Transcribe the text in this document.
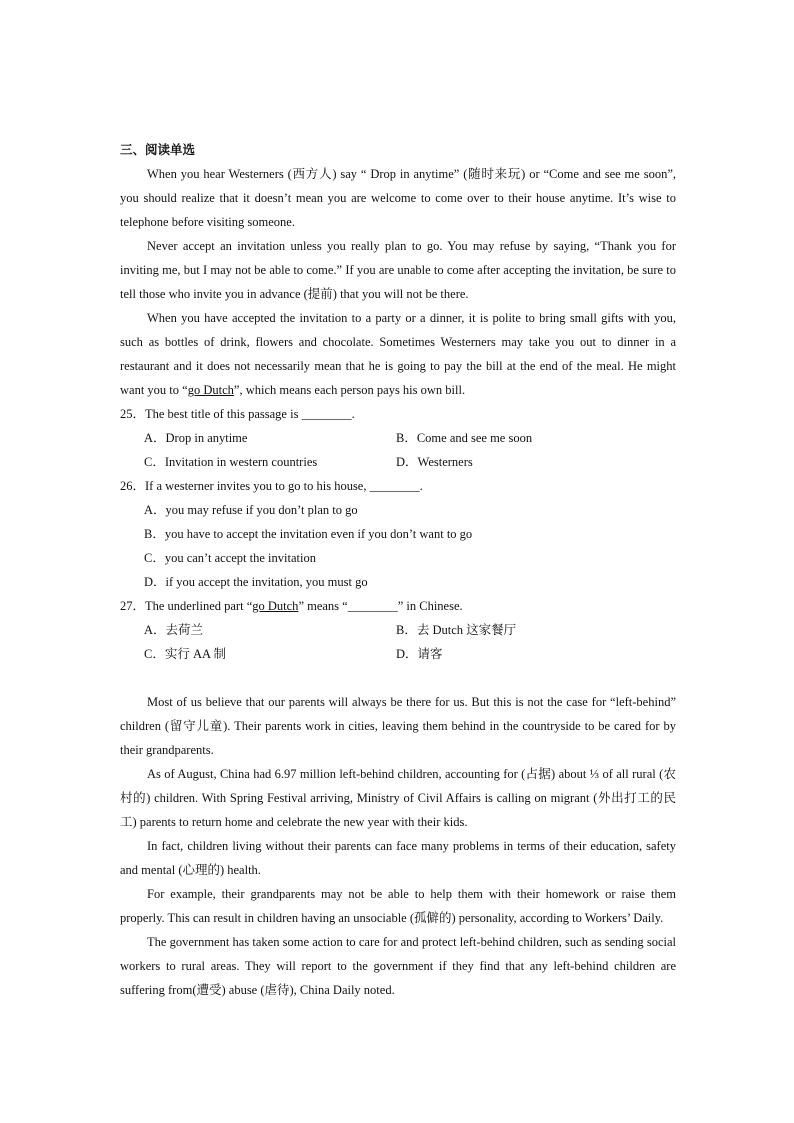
三、阅读单选

When you hear Westerners (西方人) say “ Drop in anytime” (随时来玩) or “Come and see me soon”, you should realize that it doesn’t mean you are welcome to come over to their house anytime. It’s wise to telephone before visiting someone.

Never accept an invitation unless you really plan to go. You may refuse by saying, “Thank you for inviting me, but I may not be able to come.” If you are unable to come after accepting the invitation, be sure to tell those who invite you in advance (提前) that you will not be there.

When you have accepted the invitation to a party or a dinner, it is polite to bring small gifts with you, such as bottles of drink, flowers and chocolate. Sometimes Westerners may take you out to dinner in a restaurant and it does not necessarily mean that he is going to pay the bill at the end of the meal. He might want you to “go Dutch”, which means each person pays his own bill.

25．The best title of this passage is ________.
A．Drop in anytime	B．Come and see me soon
C．Invitation in western countries	D．Westerners
26．If a westerner invites you to go to his house, ________.
A．you may refuse if you don’t plan to go
B．you have to accept the invitation even if you don’t want to go
C．you can’t accept the invitation
D．if you accept the invitation, you must go
27．The underlined part “go Dutch” means “________” in Chinese.
A．去荷兰	B．去 Dutch 这家餐厅
C．实行 AA 制	D．请客

Most of us believe that our parents will always be there for us. But this is not the case for “left-behind” children (留守儿童). Their parents work in cities, leaving them behind in the countryside to be cared for by their grandparents.

As of August, China had 6.97 million left-behind children, accounting for (占据) about ⅓ of all rural (农村的) children. With Spring Festival arriving, Ministry of Civil Affairs is calling on migrant (外出打工的民工) parents to return home and celebrate the new year with their kids.

In fact, children living without their parents can face many problems in terms of their education, safety and mental (心理的) health.

For example, their grandparents may not be able to help them with their homework or raise them properly. This can result in children having an unsociable (孤僻的) personality, according to Workers’ Daily.

The government has taken some action to care for and protect left-behind children, such as sending social workers to rural areas. They will report to the government if they find that any left-behind children are suffering from(遭受) abuse (虐待), China Daily noted.
